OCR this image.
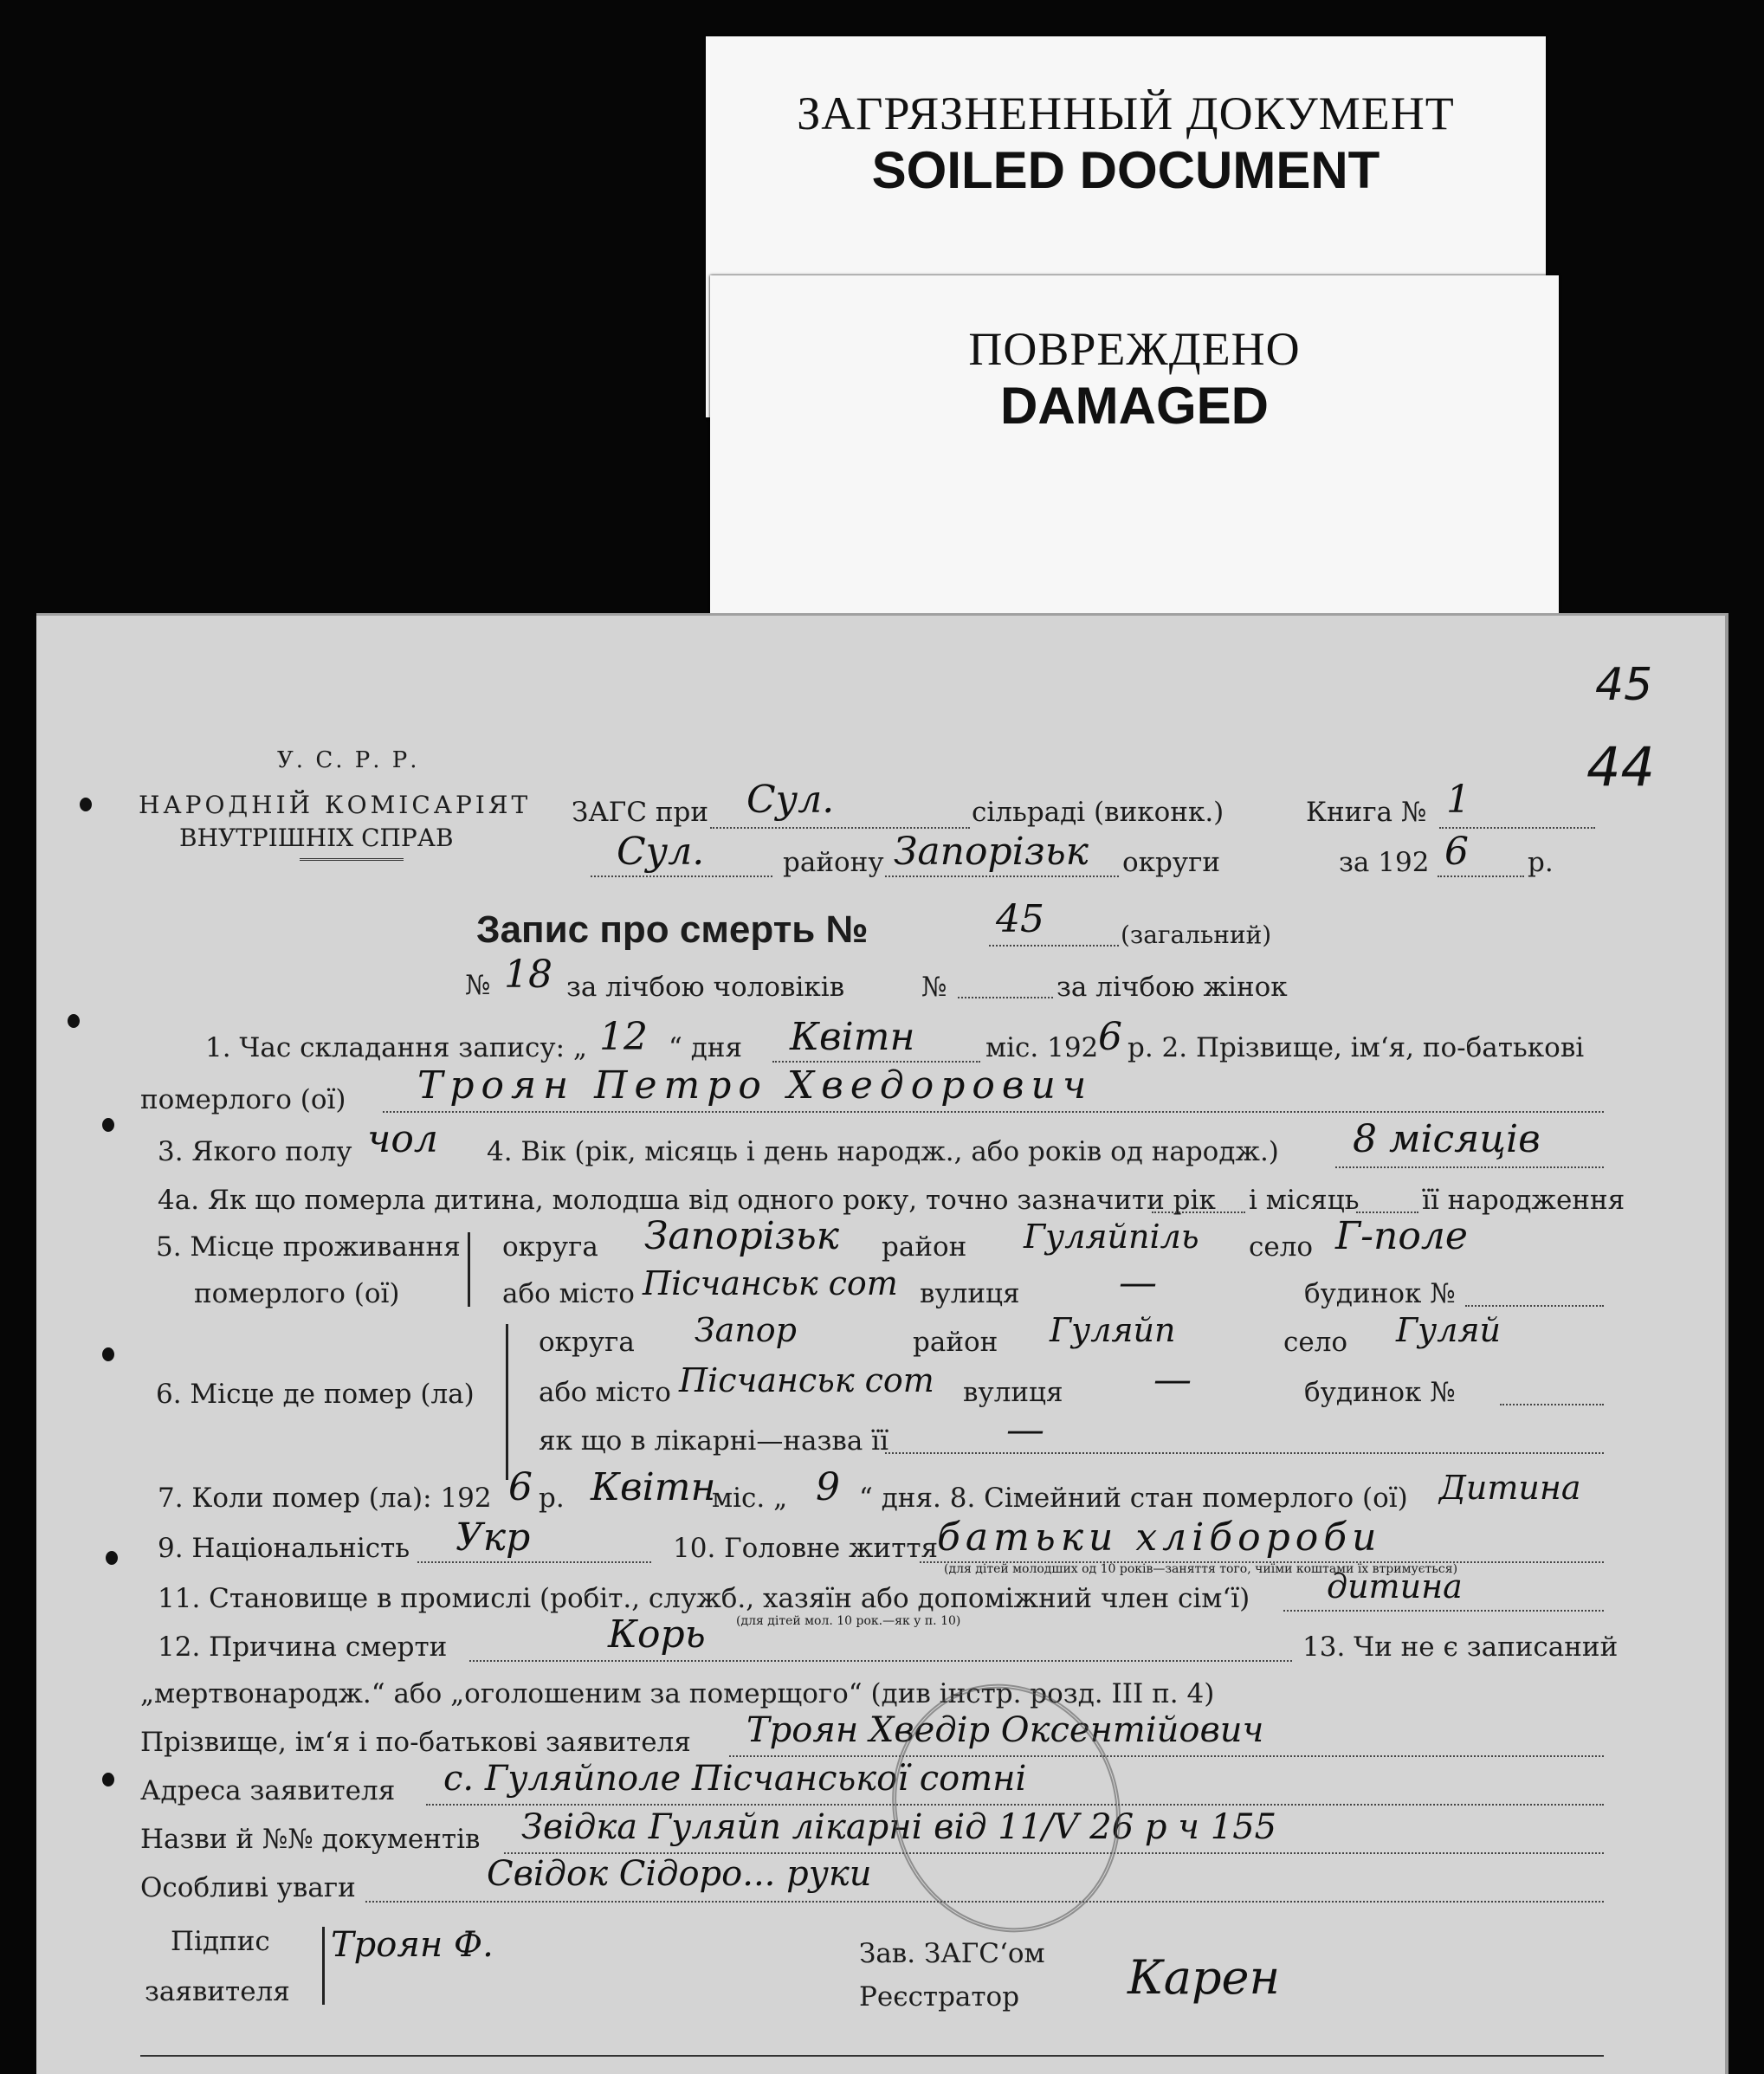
ЗАГРЯЗНЕННЫЙ ДОКУМЕНТ
SOILED DOCUMENT
ПОВРЕЖДЕНО
DAMAGED
45
44
У. С. Р. Р.
НАРОДНІЙ КОМІСАРІЯТ
ВНУТРІШНІХ СПРАВ
ЗАГС при Сул.	сільраді (виконк.)	Книга № 1
Сул.	району Запорізьк округи	за 192 6 р.
Запис про смерть №	45	(загальний)
№ 18 за лічбою чоловіків	№	за лічбою жінок
1. Час складання запису: „ 12 “ дня Квітн	міс. 192 6 р. 2. Прізвище, ім‘я, по-батькові
померлого (ої) Троян Петро Хведорович
3. Якого полу чол 4. Вік (рік, місяць і день народж., або років од народж.) 8 місяців
4а. Як що померла дитина, молодша від одного року, точно зазначити рік і місяць її народження
5. Місце проживання
померлого (ої)
округа Запорізьк район Гуляйпіль село Г-поле
або місто Пісчанськ сот вулиця	—	будинок №
6. Місце де помер (ла)
округа Запор	район Гуляйп	село Гуляй
або місто Пісчанськ сот вулиця —	будинок №
як що в лікарні—назва її	—
7. Коли помер (ла): 192 6 р. Квітн
міс. „ 9 “ дня. 8. Сімейний стан померлого (ої) Дитина
9. Національність Укр	10. Головне життя
батьки хлібороби
(для дітей молодших од 10 років—заняття того, чиїми коштами їх втримується)
11. Становище в промислі (робіт., служб., хазяїн або допоміжний член сім‘ї) дитина
(для дітей мол. 10 рок.—як у п. 10)
12. Причина смерти	Корь	13. Чи не є записаний
„мертвонародж.“ або „оголошеним за померщого“ (див інстр. розд. III п. 4)
Прізвище, ім‘я і по-батькові заявителя Троян Хведір Оксентійович
Адреса заявителя с. Гуляйполе Пісчанської сотні
Назви й №№ документів Звідка Гуляйп лікарні від 11/V 26 р ч 155
Особливі уваги	Свідок Сідоро... руки
Підпис
заявителя
Троян Ф.	Зав. ЗАГС‘ом
Реєстратор Карен
